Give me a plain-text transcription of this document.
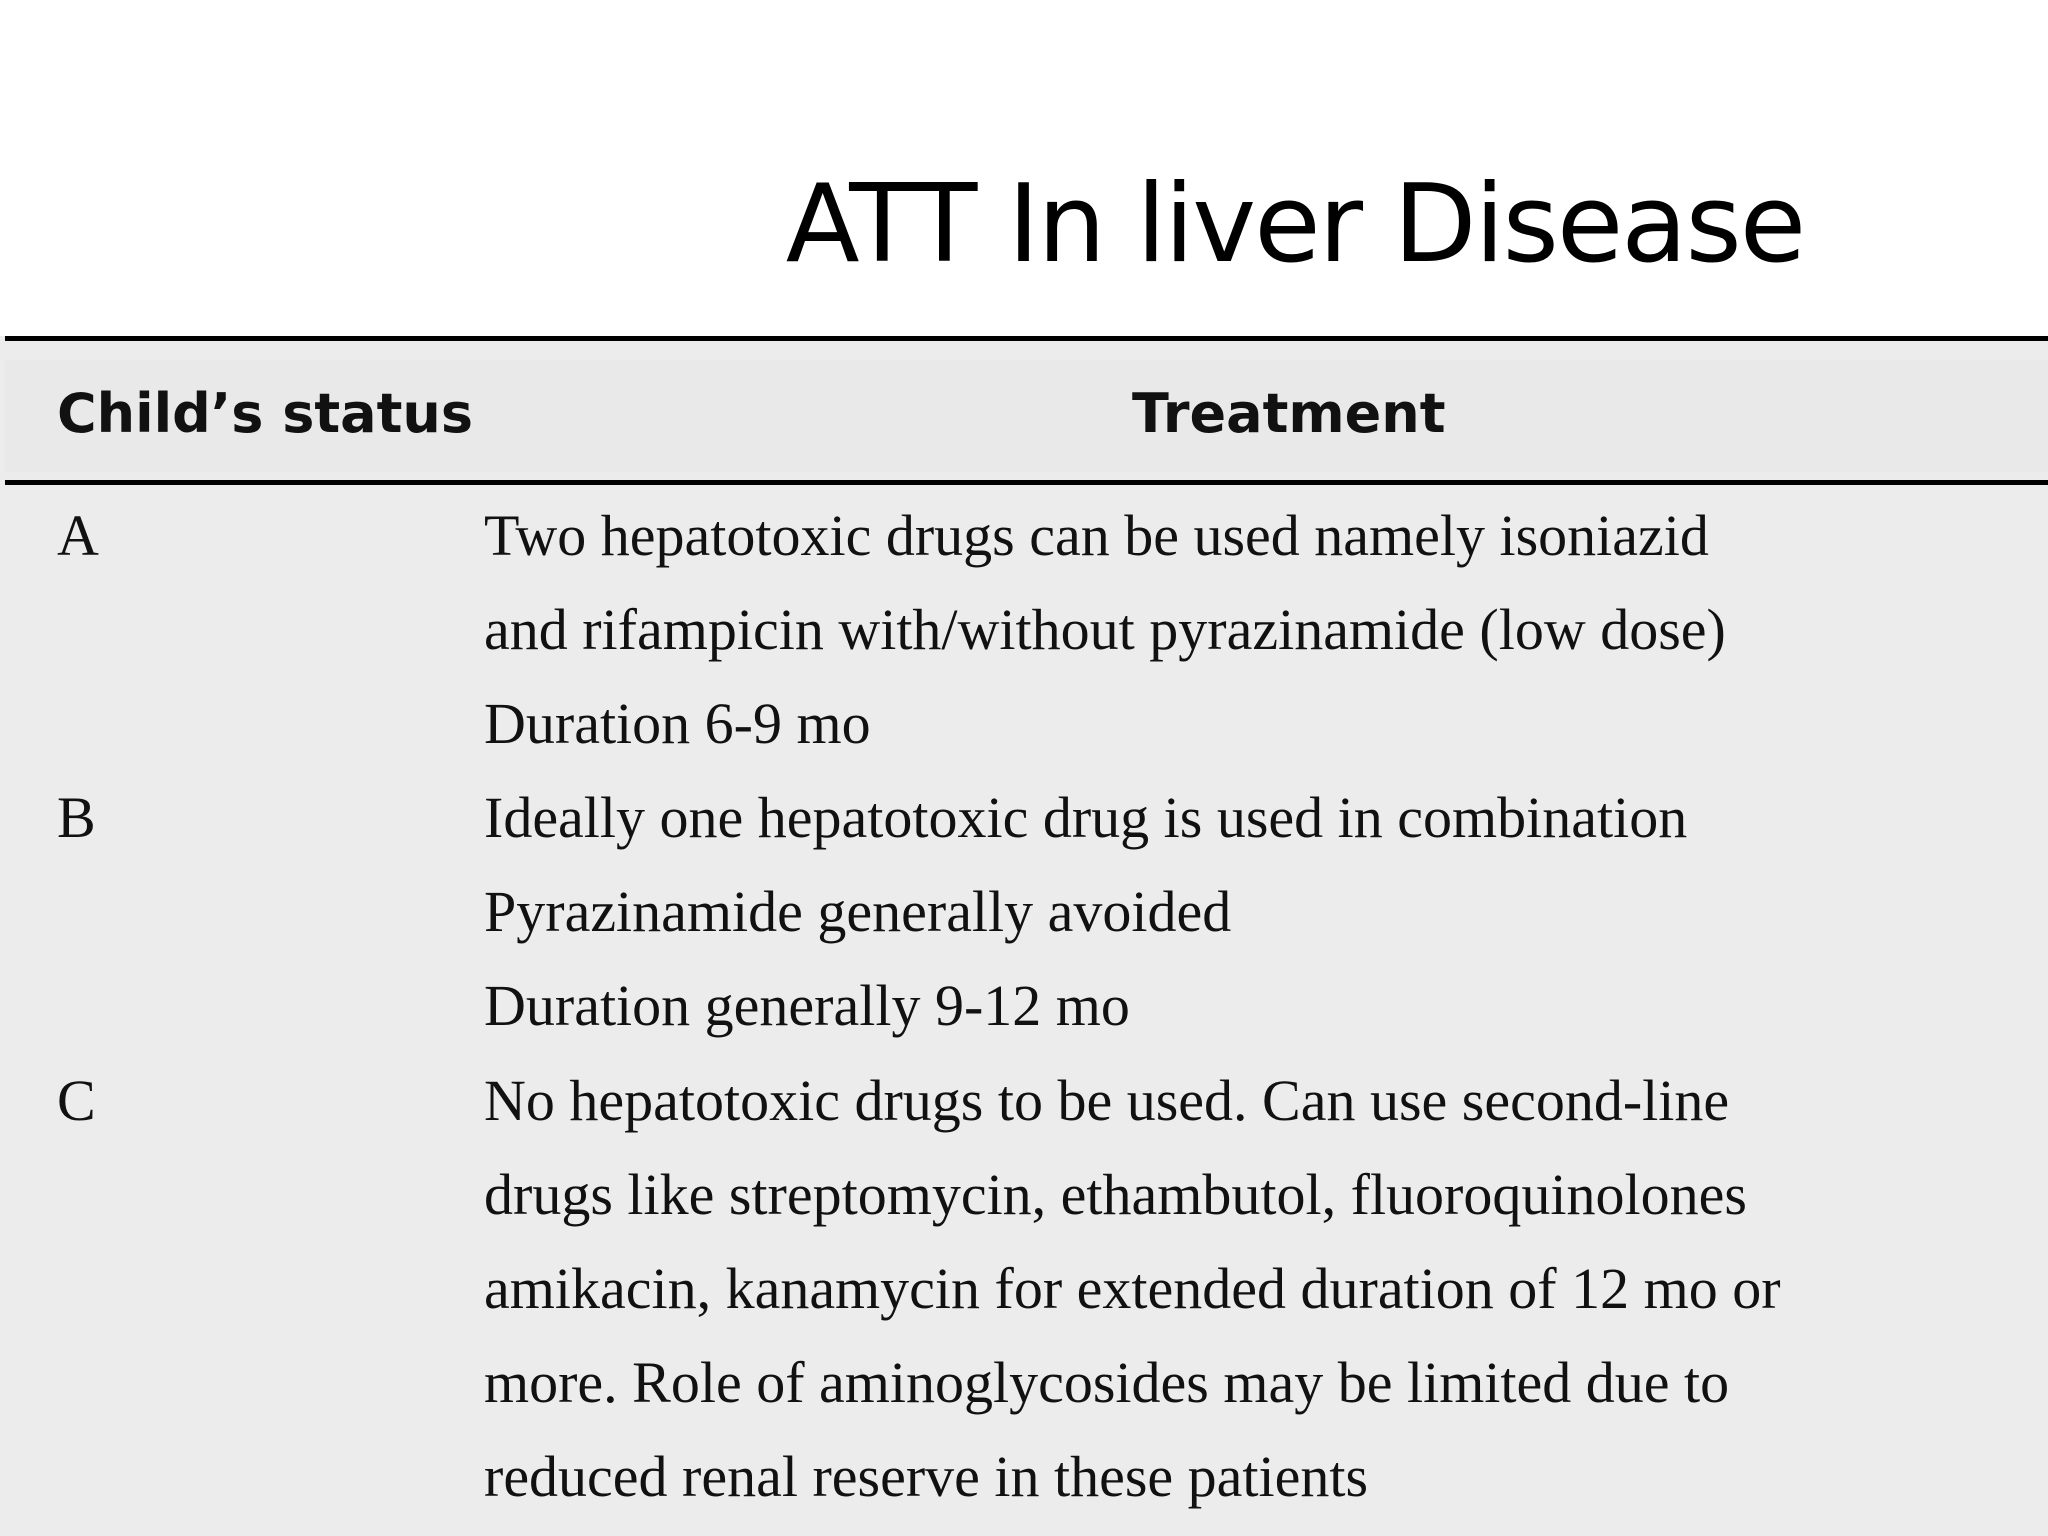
ATT In liver Disease
Child’s status	Treatment
A	Two hepatotoxic drugs can be used namely isoniazid
and rifampicin with/without pyrazinamide (low dose)
Duration 6-9 mo
B	Ideally one hepatotoxic drug is used in combination
Pyrazinamide generally avoided
Duration generally 9-12 mo
C	No hepatotoxic drugs to be used. Can use second-line
drugs like streptomycin, ethambutol, fluoroquinolones
amikacin, kanamycin for extended duration of 12 mo or
more. Role of aminoglycosides may be limited due to
reduced renal reserve in these patients
